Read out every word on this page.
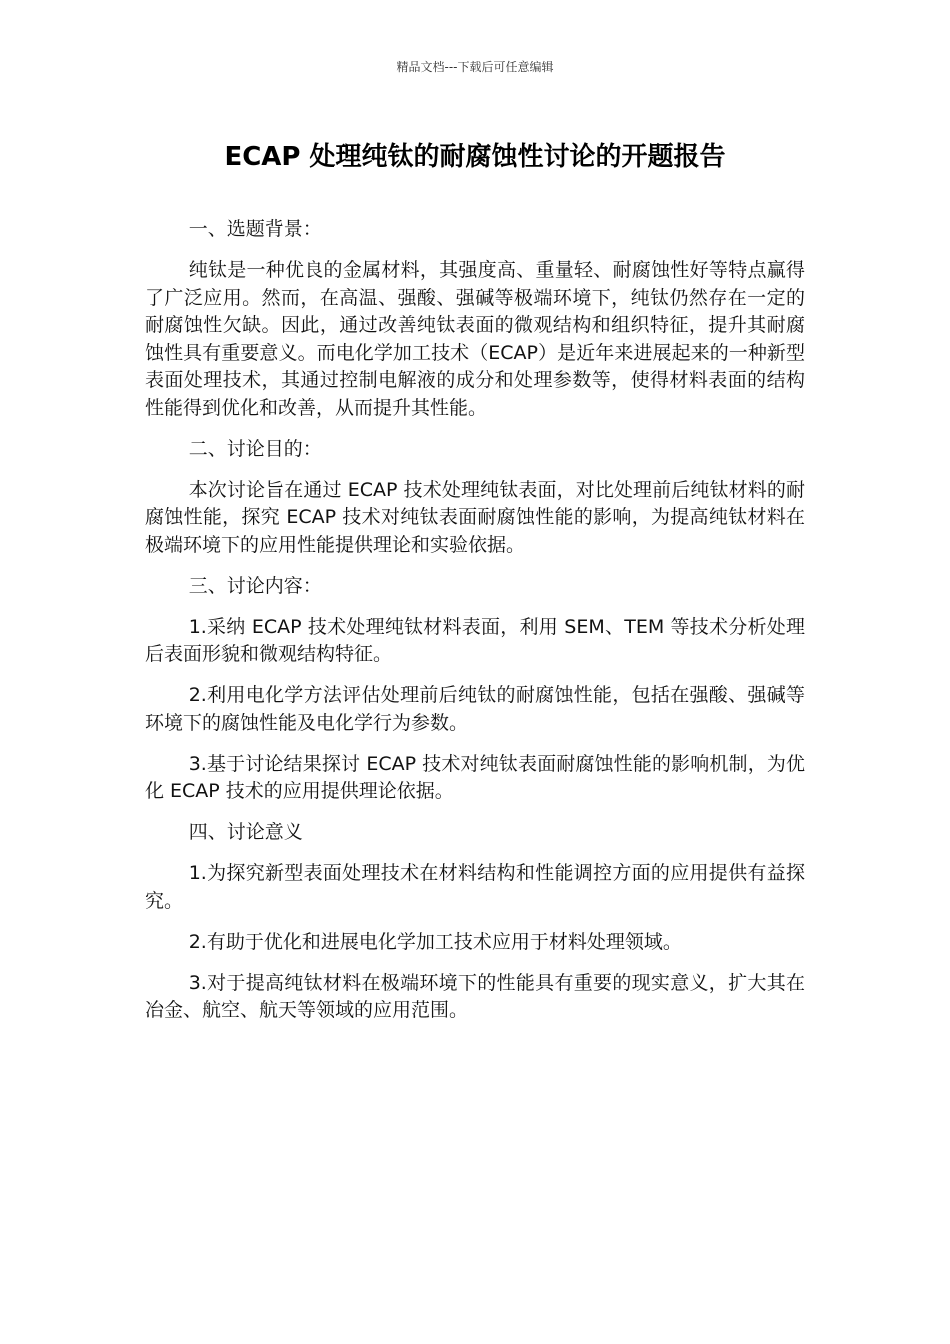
精品文档---下载后可任意编辑
ECAP 处理纯钛的耐腐蚀性讨论的开题报告

一、选题背景：

纯钛是一种优良的金属材料，其强度高、重量轻、耐腐蚀性好等特点赢得了广泛应用。然而，在高温、强酸、强碱等极端环境下，纯钛仍然存在一定的耐腐蚀性欠缺。因此，通过改善纯钛表面的微观结构和组织特征，提升其耐腐蚀性具有重要意义。而电化学加工技术（ECAP）是近年来进展起来的一种新型表面处理技术，其通过控制电解液的成分和处理参数等，使得材料表面的结构性能得到优化和改善，从而提升其性能。

二、讨论目的：

本次讨论旨在通过 ECAP 技术处理纯钛表面，对比处理前后纯钛材料的耐腐蚀性能，探究 ECAP 技术对纯钛表面耐腐蚀性能的影响，为提高纯钛材料在极端环境下的应用性能提供理论和实验依据。

三、讨论内容：

1.采纳 ECAP 技术处理纯钛材料表面，利用 SEM、TEM 等技术分析处理后表面形貌和微观结构特征。

2.利用电化学方法评估处理前后纯钛的耐腐蚀性能，包括在强酸、强碱等环境下的腐蚀性能及电化学行为参数。

3.基于讨论结果探讨 ECAP 技术对纯钛表面耐腐蚀性能的影响机制，为优化 ECAP 技术的应用提供理论依据。

四、讨论意义

1.为探究新型表面处理技术在材料结构和性能调控方面的应用提供有益探究。

2.有助于优化和进展电化学加工技术应用于材料处理领域。

3.对于提高纯钛材料在极端环境下的性能具有重要的现实意义，扩大其在冶金、航空、航天等领域的应用范围。
